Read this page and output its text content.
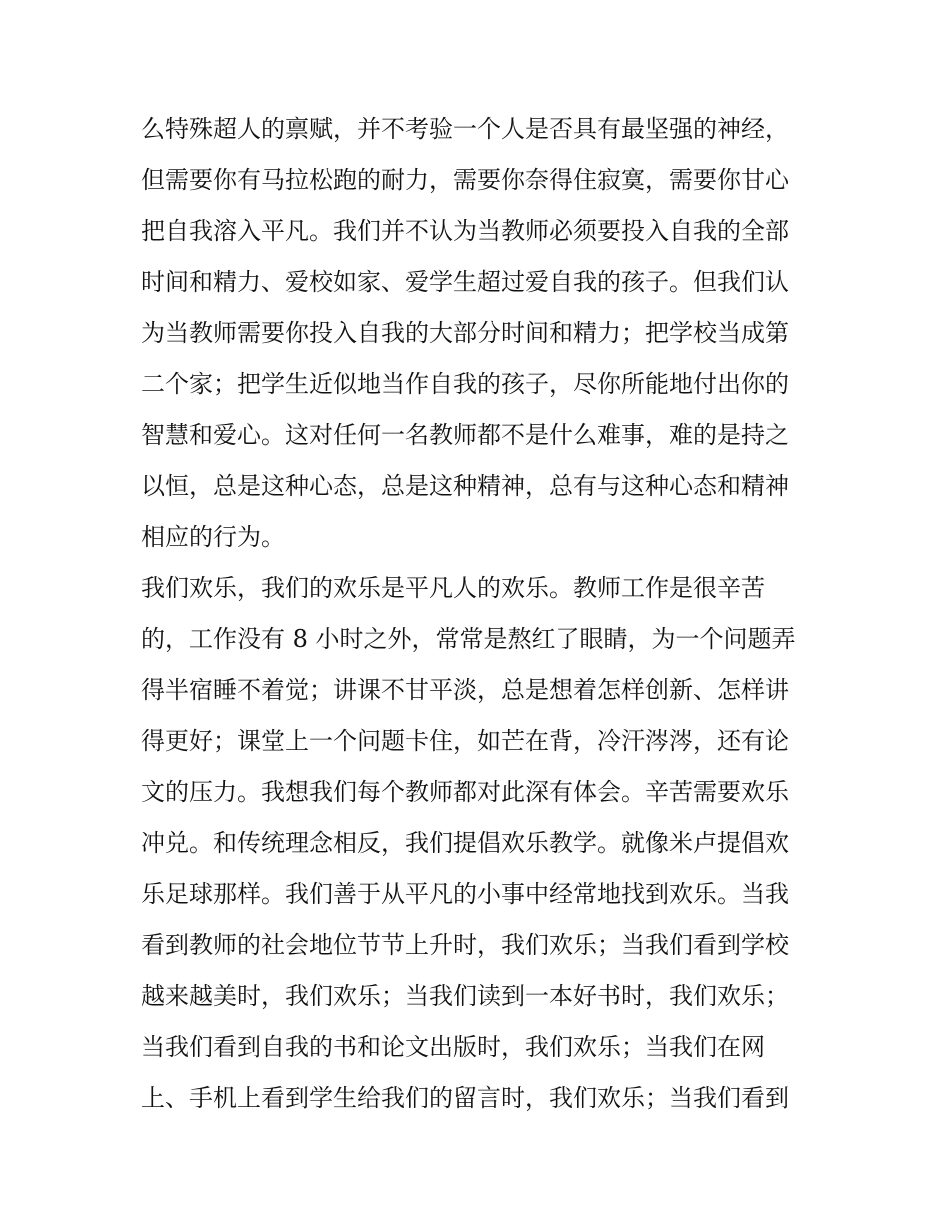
么特殊超人的禀赋，并不考验一个人是否具有最坚强的神经，
但需要你有马拉松跑的耐力，需要你奈得住寂寞，需要你甘心
把自我溶入平凡。我们并不认为当教师必须要投入自我的全部
时间和精力、爱校如家、爱学生超过爱自我的孩子。但我们认
为当教师需要你投入自我的大部分时间和精力；把学校当成第
二个家；把学生近似地当作自我的孩子，尽你所能地付出你的
智慧和爱心。这对任何一名教师都不是什么难事，难的是持之
以恒，总是这种心态，总是这种精神，总有与这种心态和精神
相应的行为。
我们欢乐，我们的欢乐是平凡人的欢乐。教师工作是很辛苦
的，工作没有 8 小时之外，常常是熬红了眼睛，为一个问题弄
得半宿睡不着觉；讲课不甘平淡，总是想着怎样创新、怎样讲
得更好；课堂上一个问题卡住，如芒在背，冷汗涔涔，还有论
文的压力。我想我们每个教师都对此深有体会。辛苦需要欢乐
冲兑。和传统理念相反，我们提倡欢乐教学。就像米卢提倡欢
乐足球那样。我们善于从平凡的小事中经常地找到欢乐。当我
看到教师的社会地位节节上升时，我们欢乐；当我们看到学校
越来越美时，我们欢乐；当我们读到一本好书时，我们欢乐；
当我们看到自我的书和论文出版时，我们欢乐；当我们在网
上、手机上看到学生给我们的留言时，我们欢乐；当我们看到
